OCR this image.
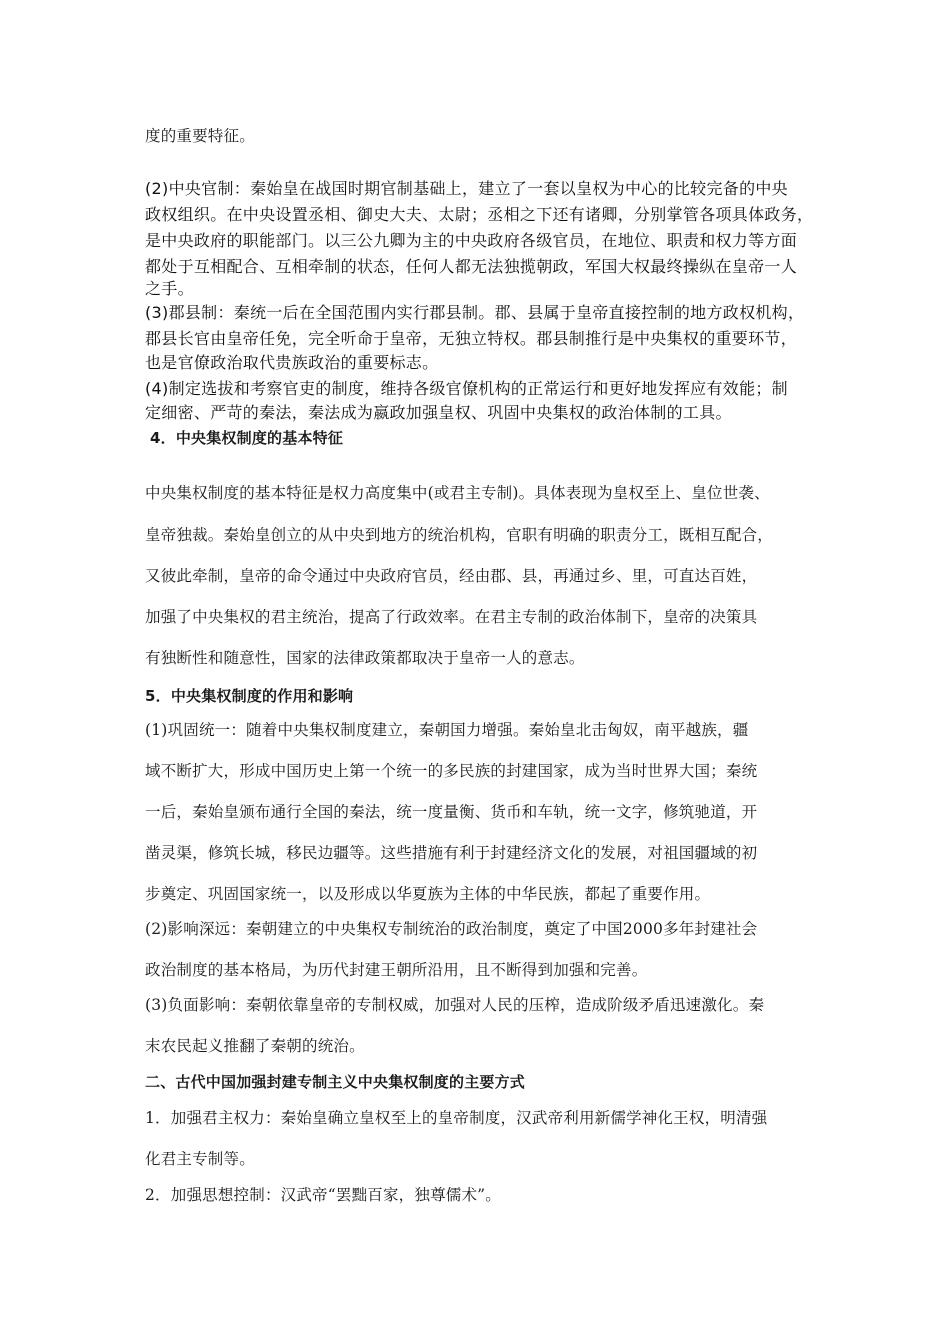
度的重要特征。
(2)中央官制：秦始皇在战国时期官制基础上，建立了一套以皇权为中心的比较完备的中央
政权组织。在中央设置丞相、御史大夫、太尉；丞相之下还有诸卿，分别掌管各项具体政务，
是中央政府的职能部门。以三公九卿为主的中央政府各级官员，在地位、职责和权力等方面
都处于互相配合、互相牵制的状态，任何人都无法独揽朝政，军国大权最终操纵在皇帝一人
之手。
(3)郡县制：秦统一后在全国范围内实行郡县制。郡、县属于皇帝直接控制的地方政权机构，
郡县长官由皇帝任免，完全听命于皇帝，无独立特权。郡县制推行是中央集权的重要环节，
也是官僚政治取代贵族政治的重要标志。
(4)制定选拔和考察官吏的制度，维持各级官僚机构的正常运行和更好地发挥应有效能；制
定细密、严苛的秦法，秦法成为嬴政加强皇权、巩固中央集权的政治体制的工具。
4．中央集权制度的基本特征
中央集权制度的基本特征是权力高度集中(或君主专制)。具体表现为皇权至上、皇位世袭、
皇帝独裁。秦始皇创立的从中央到地方的统治机构，官职有明确的职责分工，既相互配合，
又彼此牵制，皇帝的命令通过中央政府官员，经由郡、县，再通过乡、里，可直达百姓，
加强了中央集权的君主统治，提高了行政效率。在君主专制的政治体制下，皇帝的决策具
有独断性和随意性，国家的法律政策都取决于皇帝一人的意志。
5．中央集权制度的作用和影响
(1)巩固统一：随着中央集权制度建立，秦朝国力增强。秦始皇北击匈奴，南平越族，疆
域不断扩大，形成中国历史上第一个统一的多民族的封建国家，成为当时世界大国；秦统
一后，秦始皇颁布通行全国的秦法，统一度量衡、货币和车轨，统一文字，修筑驰道，开
凿灵渠，修筑长城，移民边疆等。这些措施有利于封建经济文化的发展，对祖国疆域的初
步奠定、巩固国家统一，以及形成以华夏族为主体的中华民族，都起了重要作用。
(2)影响深远：秦朝建立的中央集权专制统治的政治制度，奠定了中国2000多年封建社会
政治制度的基本格局，为历代封建王朝所沿用，且不断得到加强和完善。
(3)负面影响：秦朝依靠皇帝的专制权威，加强对人民的压榨，造成阶级矛盾迅速激化。秦
末农民起义推翻了秦朝的统治。
二、古代中国加强封建专制主义中央集权制度的主要方式
1．加强君主权力：秦始皇确立皇权至上的皇帝制度，汉武帝利用新儒学神化王权，明清强
化君主专制等。
2．加强思想控制：汉武帝“罢黜百家，独尊儒术”。
